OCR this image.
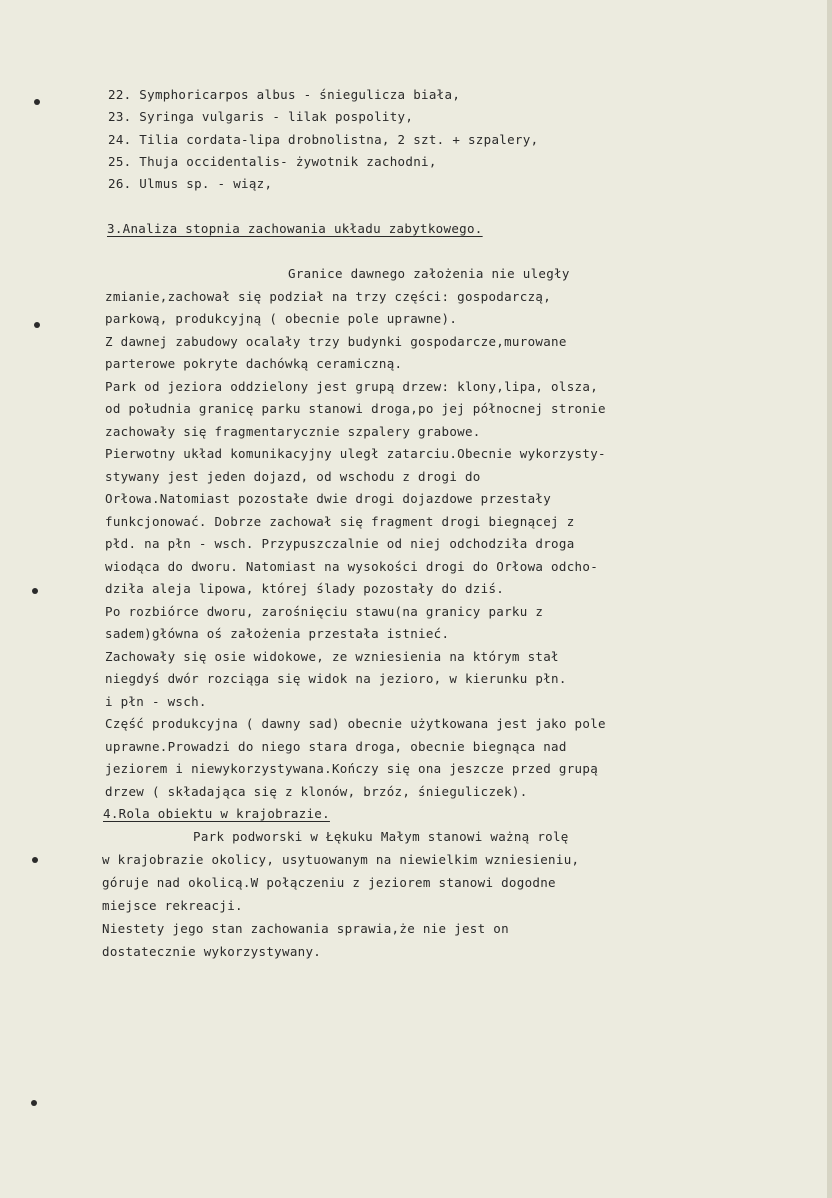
22. Symphoricarpos albus - śniegulicza biała,
23. Syringa vulgaris - lilak pospolity,
24. Tilia cordata-lipa drobnolistna, 2 szt. + szpalery,
25. Thuja occidentalis- żywotnik zachodni,
26. Ulmus sp. - wiąz,
3.Analiza stopnia zachowania układu zabytkowego.
Granice dawnego założenia nie uległy
zmianie,zachował się podział na trzy części: gospodarczą,
parkową, produkcyjną ( obecnie pole uprawne).
Z dawnej zabudowy ocalały trzy budynki gospodarcze,murowane
parterowe pokryte dachówką ceramiczną.
Park od jeziora oddzielony jest grupą drzew: klony,lipa, olsza,
od południa granicę parku stanowi droga,po jej północnej stronie
zachowały się fragmentarycznie szpalery grabowe.
Pierwotny układ komunikacyjny uległ zatarciu.Obecnie wykorzysty-
stywany jest jeden dojazd, od wschodu z drogi do
Orłowa.Natomiast pozostałe dwie drogi dojazdowe przestały
funkcjonować. Dobrze zachował się fragment drogi biegnącej z
płd. na płn - wsch. Przypuszczalnie od niej odchodziła droga
wiodąca do dworu. Natomiast na wysokości drogi do Orłowa odcho-
dziła aleja lipowa, której ślady pozostały do dziś.
Po rozbiórce dworu, zarośnięciu stawu(na granicy parku z
sadem)główna oś założenia przestała istnieć.
Zachowały się osie widokowe, ze wzniesienia na którym stał
niegdyś dwór rozciąga się widok na jezioro, w kierunku płn.
i płn - wsch.
Część produkcyjna ( dawny sad) obecnie użytkowana jest jako pole
uprawne.Prowadzi do niego stara droga, obecnie biegnąca nad
jeziorem i niewykorzystywana.Kończy się ona jeszcze przed grupą
drzew ( składająca się z klonów, brzóz, śnieguliczek).
4.Rola obiektu w krajobrazie.
Park podworski w Łękuku Małym stanowi ważną rolę
w krajobrazie okolicy, usytuowanym na niewielkim wzniesieniu,
góruje nad okolicą.W połączeniu z jeziorem stanowi dogodne
miejsce rekreacji.
Niestety jego stan zachowania sprawia,że nie jest on
dostatecznie wykorzystywany.
